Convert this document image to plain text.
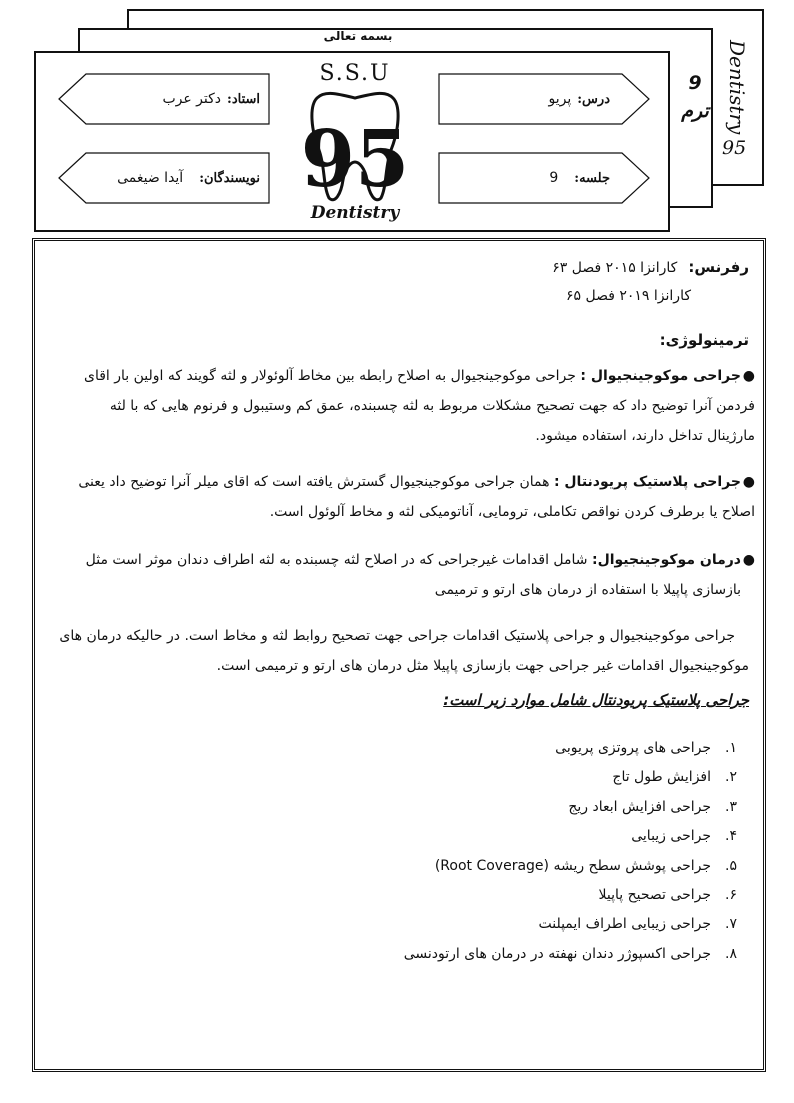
بسمه تعالی
9
ترم Dentistry
95
استاد:
دکتر عرب
نویسندگان:
آیدا ضیغمی
درس:
پریو
جلسه:
9
S.S.U
95
Dentistry
رفرنس: کارانزا ۲۰۱۵ فصل ۶۳
کارانزا ۲۰۱۹ فصل ۶۵
ترمینولوژی:
●
جراحی موکوجینجیوال : جراحی موکوجینجیوال به اصلاح رابطه بین مخاط آلوئولار و لثه گویند که اولین بار اقای
فردمن آنرا توضیح داد که جهت تصحیح مشکلات مربوط به لثه چسبنده، عمق کم وستیبول و فرنوم هایی که با لثه
مارژینال تداخل دارند، استفاده میشود.
●
جراحی پلاستیک پریودنتال : همان جراحی موکوجینجیوال گسترش یافته است که اقای میلر آنرا توضیح داد یعنی
اصلاح یا برطرف کردن نواقص تکاملی، ترومایی، آناتومیکی لثه و مخاط آلوئول است.
●
درمان موکوجینجیوال: شامل اقدامات غیرجراحی که در اصلاح لثه چسبنده به لثه اطراف دندان موثر است مثل
بازسازی پاپیلا با استفاده از درمان های ارتو و ترمیمی
جراحی موکوجینجیوال و جراحی پلاستیک اقدامات جراحی جهت تصحیح روابط لثه و مخاط است. در حالیکه درمان های
موکوجینجیوال اقدامات غیر جراحی جهت بازسازی پاپیلا مثل درمان های ارتو و ترمیمی است.
جراحی پلاستیک پریودنتال شامل موارد زیر است:
۱.جراحی های پروتزی پریوبی
۲.افزایش طول تاج
۳.جراحی افزایش ابعاد ریج
۴.جراحی زیبایی
۵.جراحی پوشش سطح ریشه (Root Coverage)
۶.جراحی تصحیح پاپیلا
۷.جراحی زیبایی اطراف ایمپلنت
۸.جراحی اکسپوژر دندان نهفته در درمان های ارتودنسی
